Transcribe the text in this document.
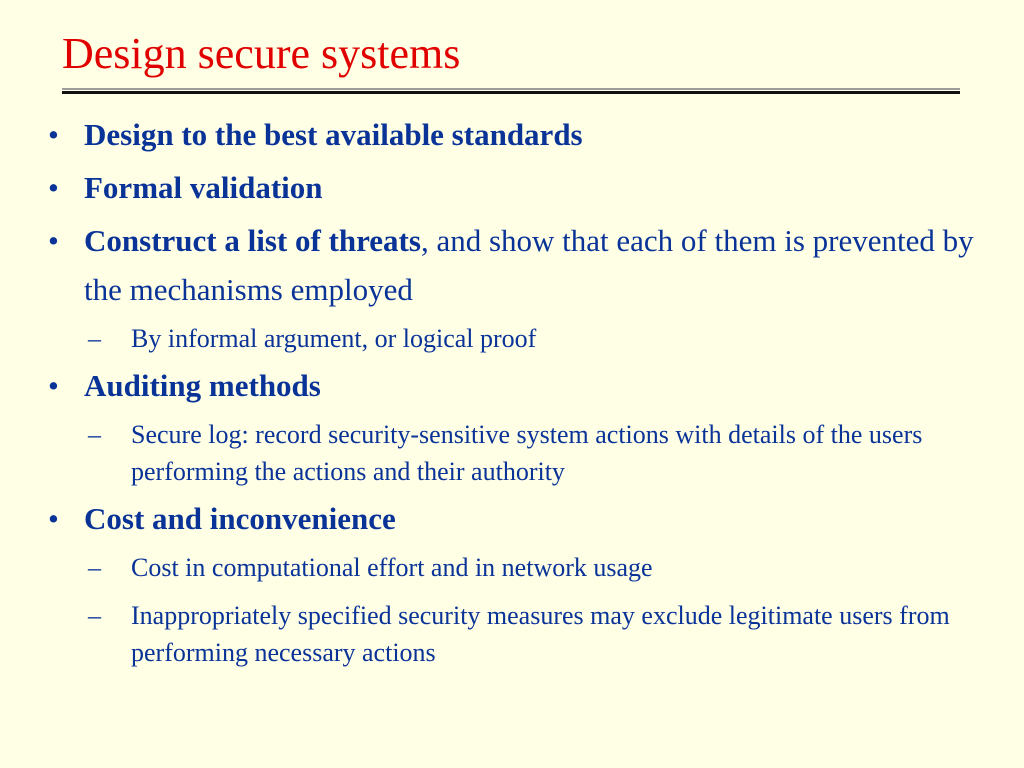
Design secure systems
• Design to the best available standards
• Formal validation
• Construct a list of threats, and show that each of them is prevented by the mechanisms employed
– By informal argument, or logical proof
• Auditing methods
– Secure log: record security-sensitive system actions with details of the users performing the actions and their authority
• Cost and inconvenience
– Cost in computational effort and in network usage
– Inappropriately specified security measures may exclude legitimate users from performing necessary actions
